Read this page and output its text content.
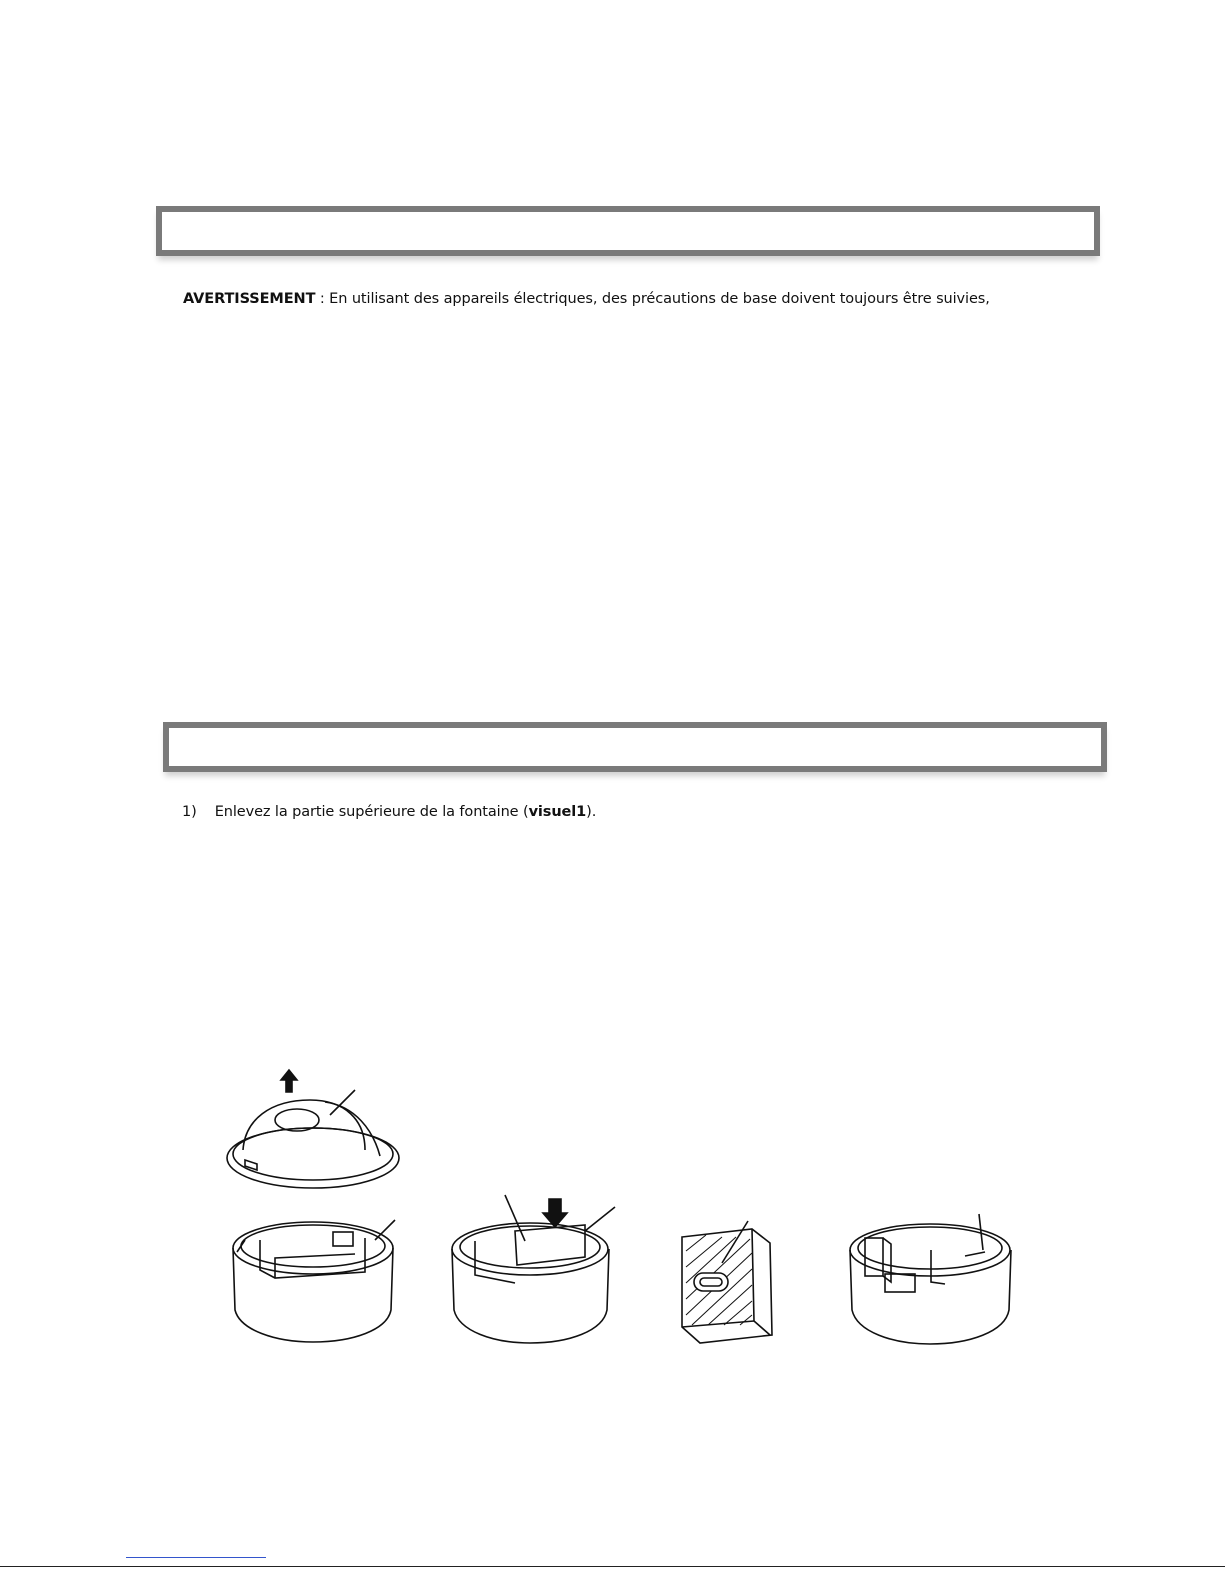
AVERTISSEMENT : En utilisant des appareils électriques, des précautions de base doivent toujours être suivies,
1) Enlevez la partie supérieure de la fontaine (visuel1).
